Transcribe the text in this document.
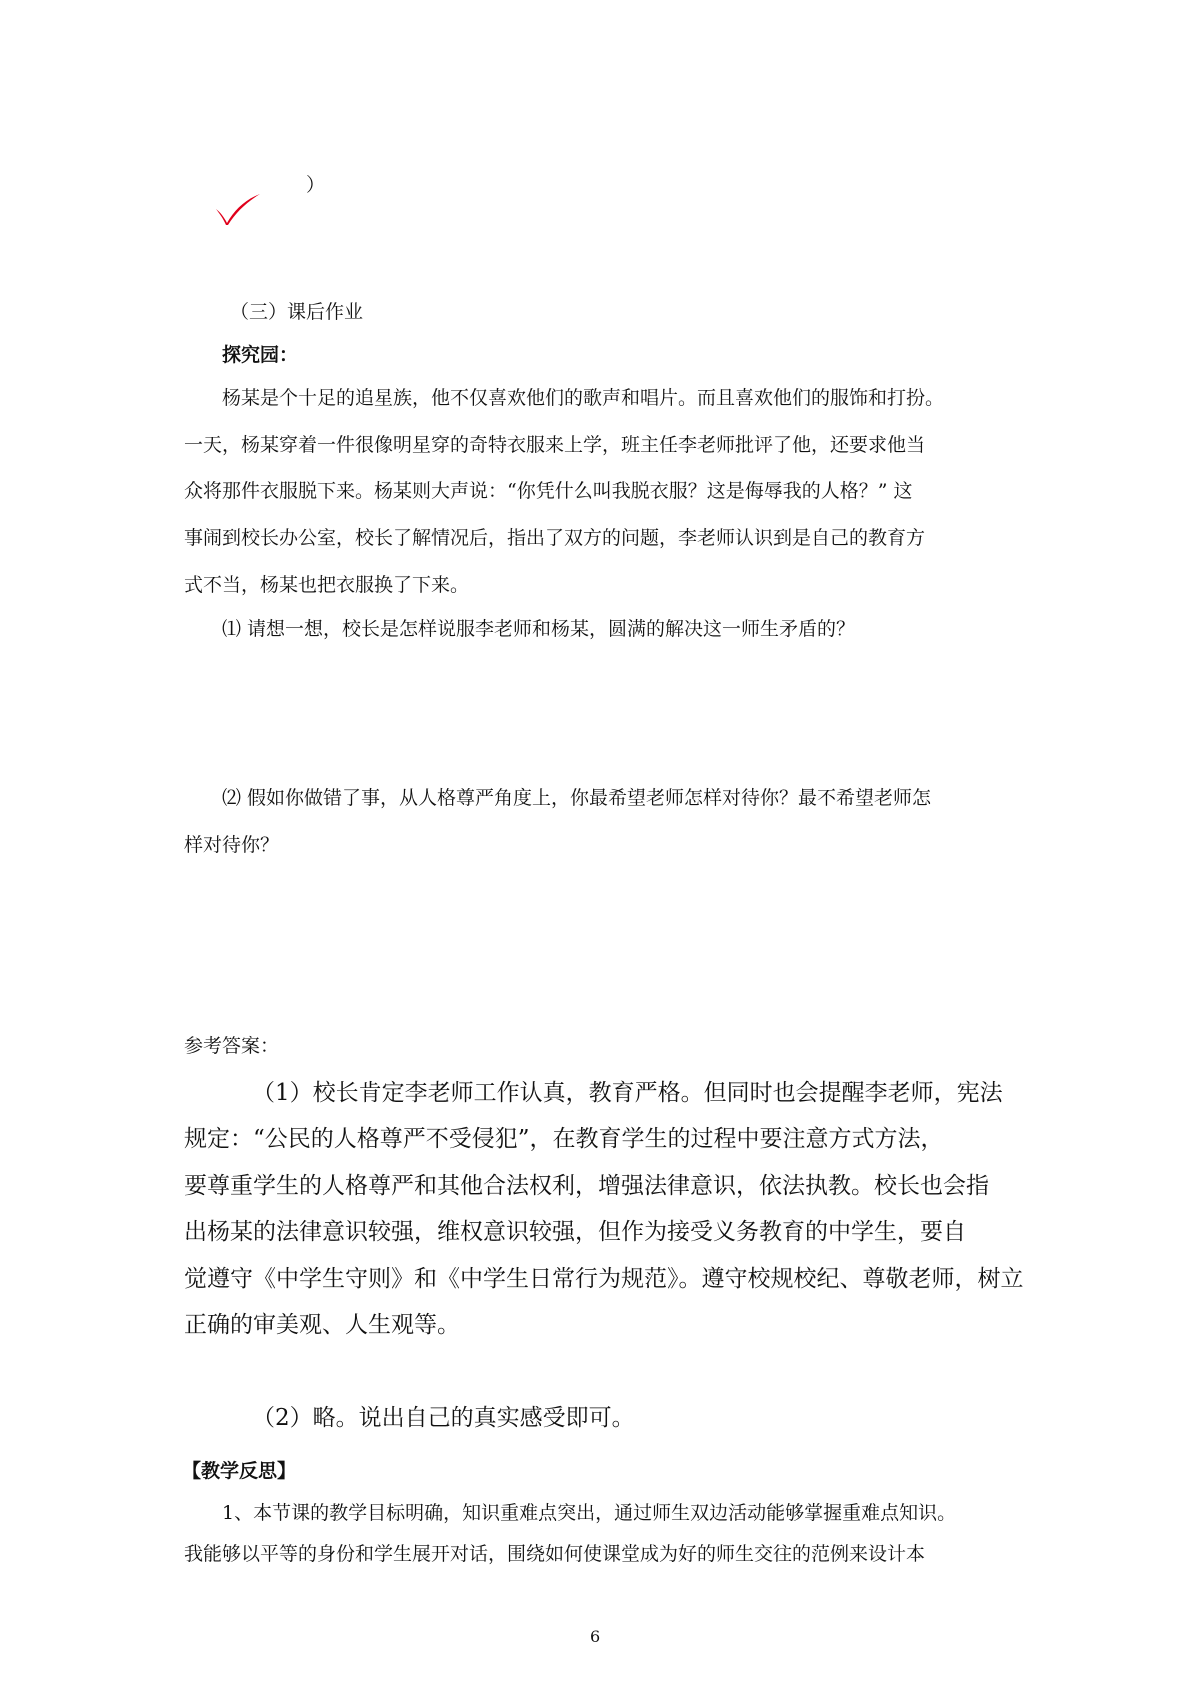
）
（三）课后作业
探究园：
杨某是个十足的追星族，他不仅喜欢他们的歌声和唱片。而且喜欢他们的服饰和打扮。
一天，杨某穿着一件很像明星穿的奇特衣服来上学，班主任李老师批评了他，还要求他当
众将那件衣服脱下来。杨某则大声说：“你凭什么叫我脱衣服？这是侮辱我的人格？” 这
事闹到校长办公室，校长了解情况后，指出了双方的问题，李老师认识到是自己的教育方
式不当，杨某也把衣服换了下来。
⑴ 请想一想，校长是怎样说服李老师和杨某，圆满的解决这一师生矛盾的？
⑵ 假如你做错了事，从人格尊严角度上，你最希望老师怎样对待你？最不希望老师怎
样对待你？
参考答案：
（1）校长肯定李老师工作认真，教育严格。但同时也会提醒李老师，宪法
规定：“公民的人格尊严不受侵犯”，在教育学生的过程中要注意方式方法，
要尊重学生的人格尊严和其他合法权利，增强法律意识，依法执教。校长也会指
出杨某的法律意识较强，维权意识较强，但作为接受义务教育的中学生，要自
觉遵守《中学生守则》和《中学生日常行为规范》。遵守校规校纪、尊敬老师，树立
正确的审美观、人生观等。
（2）略。说出自己的真实感受即可。
【教学反思】
1、本节课的教学目标明确，知识重难点突出，通过师生双边活动能够掌握重难点知识。
我能够以平等的身份和学生展开对话，围绕如何使课堂成为好的师生交往的范例来设计本
6
